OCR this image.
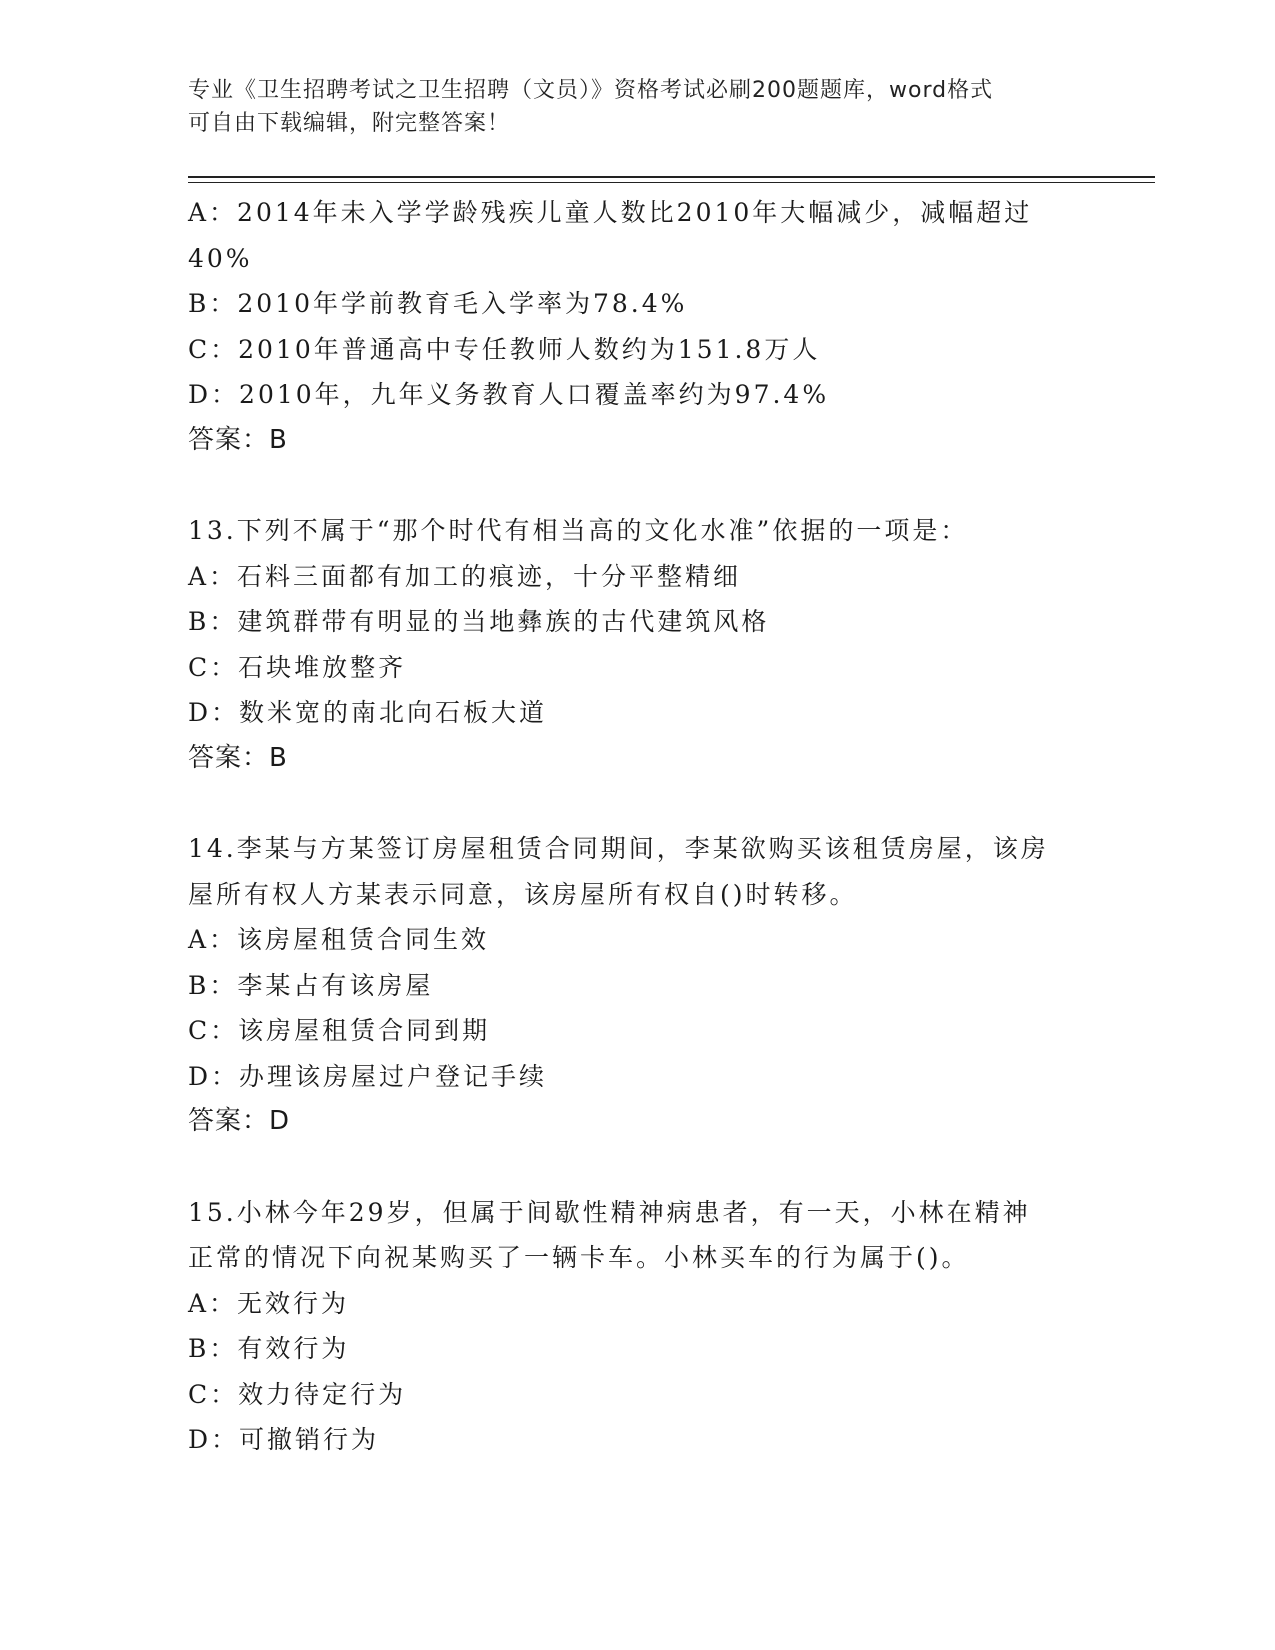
专业《卫生招聘考试之卫生招聘（文员）》资格考试必刷200题题库，word格式
可自由下载编辑，附完整答案！
A：2014年未入学学龄残疾儿童人数比2010年大幅减少，减幅超过
40%
B：2010年学前教育毛入学率为78.4%
C：2010年普通高中专任教师人数约为151.8万人
D：2010年，九年义务教育人口覆盖率约为97.4%
答案：B
13.下列不属于“那个时代有相当高的文化水准”依据的一项是：
A：石料三面都有加工的痕迹，十分平整精细
B：建筑群带有明显的当地彝族的古代建筑风格
C：石块堆放整齐
D：数米宽的南北向石板大道
答案：B
14.李某与方某签订房屋租赁合同期间，李某欲购买该租赁房屋，该房
屋所有权人方某表示同意，该房屋所有权自()时转移。
A：该房屋租赁合同生效
B：李某占有该房屋
C：该房屋租赁合同到期
D：办理该房屋过户登记手续
答案：D
15.小林今年29岁，但属于间歇性精神病患者，有一天，小林在精神
正常的情况下向祝某购买了一辆卡车。小林买车的行为属于()。
A：无效行为
B：有效行为
C：效力待定行为
D：可撤销行为
